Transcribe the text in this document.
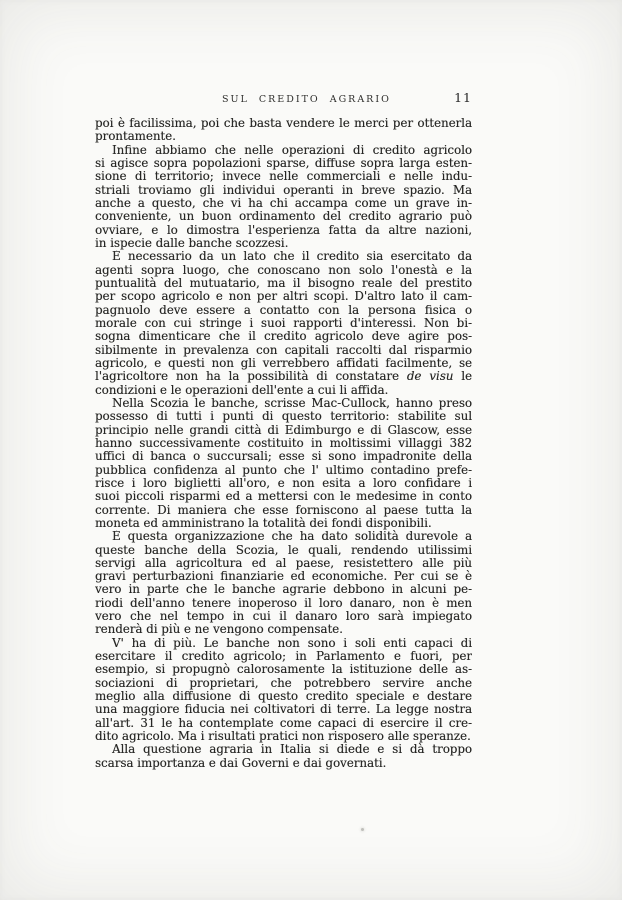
SUL CREDITO AGRARIO	11
poi è facilissima, poi che basta vendere le merci per ottenerla
prontamente.
Infine abbiamo che nelle operazioni di credito agricolo
si agisce sopra popolazioni sparse, diffuse sopra larga esten-
sione di territorio; invece nelle commerciali e nelle indu-
striali troviamo gli individui operanti in breve spazio. Ma
anche a questo, che vi ha chi accampa come un grave in-
conveniente, un buon ordinamento del credito agrario può
ovviare, e lo dimostra l'esperienza fatta da altre nazioni,
in ispecie dalle banche scozzesi.
È necessario da un lato che il credito sia esercitato da
agenti sopra luogo, che conoscano non solo l'onestà e la
puntualità del mutuatario, ma il bisogno reale del prestito
per scopo agricolo e non per altri scopi. D'altro lato il cam-
pagnuolo deve essere a contatto con la persona fisica o
morale con cui stringe i suoi rapporti d'interessi. Non bi-
sogna dimenticare che il credito agricolo deve agire pos-
sibilmente in prevalenza con capitali raccolti dal risparmio
agricolo, e questi non gli verrebbero affidati facilmente, se
l'agricoltore non ha la possibilità di constatare de visu le
condizioni e le operazioni dell'ente a cui li affida.
Nella Scozia le banche, scrisse Mac-Cullock, hanno preso
possesso di tutti i punti di questo territorio: stabilite sul
principio nelle grandi città di Edimburgo e di Glascow, esse
hanno successivamente costituito in moltissimi villaggi 382
uffici di banca o succursali; esse si sono impadronite della
pubblica confidenza al punto che l' ultimo contadino prefe-
risce i loro biglietti all'oro, e non esita a loro confidare i
suoi piccoli risparmi ed a mettersi con le medesime in conto
corrente. Di maniera che esse forniscono al paese tutta la
moneta ed amministrano la totalità dei fondi disponibili.
È questa organizzazione che ha dato solidità durevole a
queste banche della Scozia, le quali, rendendo utilissimi
servigi alla agricoltura ed al paese, resistettero alle più
gravi perturbazioni finanziarie ed economiche. Per cui se è
vero in parte che le banche agrarie debbono in alcuni pe-
riodi dell'anno tenere inoperoso il loro danaro, non è men
vero che nel tempo in cui il danaro loro sarà impiegato
renderà di più e ne vengono compensate.
V' ha di più. Le banche non sono i soli enti capaci di
esercitare il credito agricolo; in Parlamento e fuori, per
esempio, si propugnò calorosamente la istituzione delle as-
sociazioni di proprietari, che potrebbero servire anche
meglio alla diffusione di questo credito speciale e destare
una maggiore fiducia nei coltivatori di terre. La legge nostra
all'art. 31 le ha contemplate come capaci di esercire il cre-
dito agricolo. Ma i risultati pratici non risposero alle speranze.
Alla questione agraria in Italia si diede e si dà troppo
scarsa importanza e dai Governi e dai governati.
